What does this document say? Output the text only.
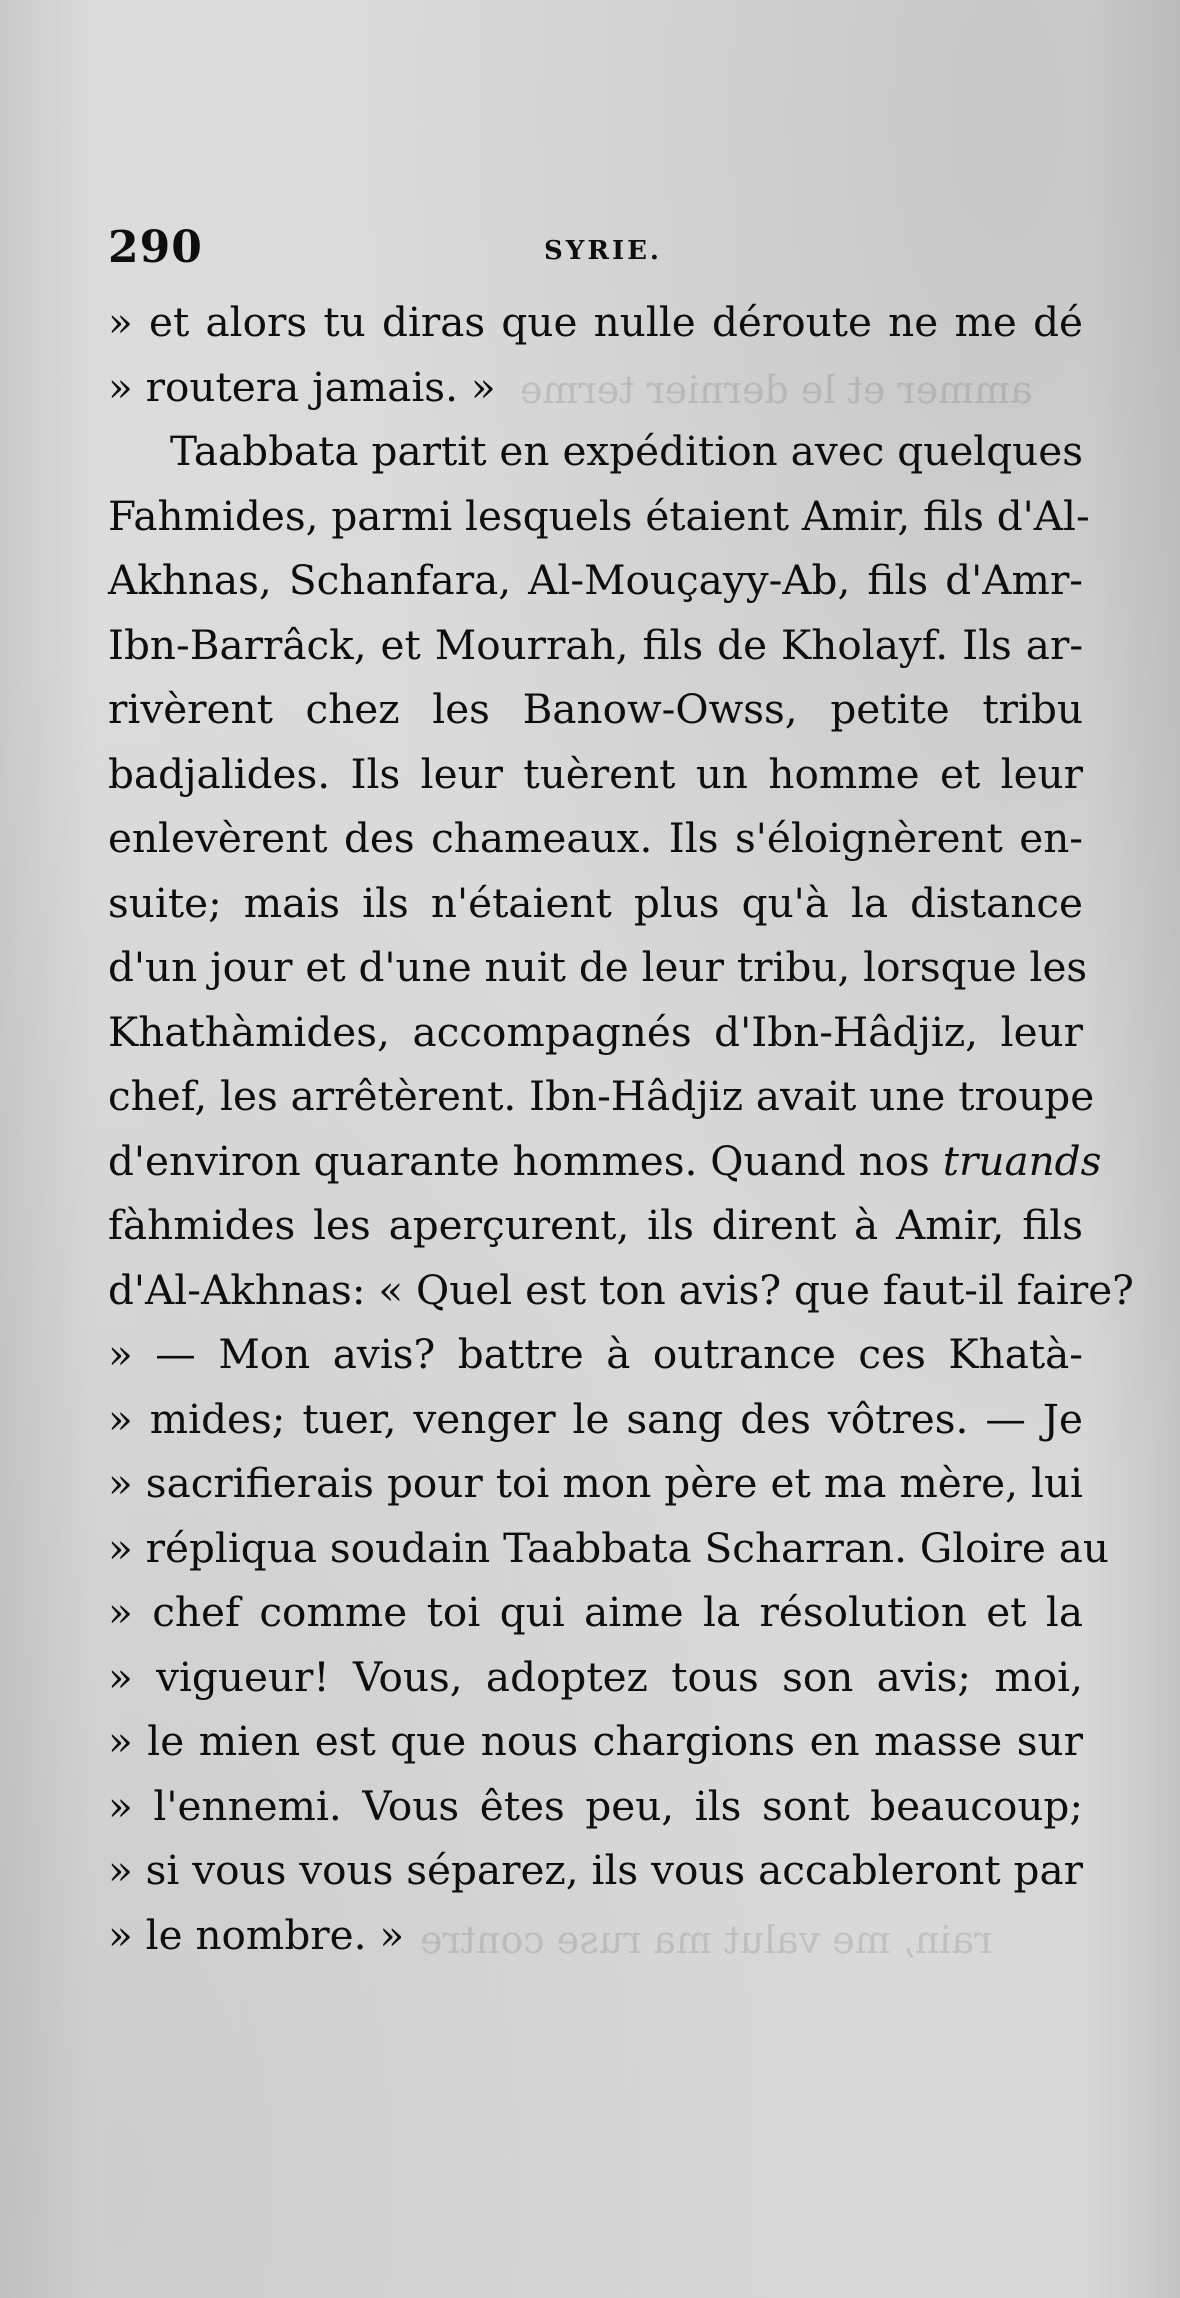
ammer et le dernier terme
rain, me valut ma ruse contre
290	SYRIE.
» et alors tu diras que nulle déroute ne me dé
» routera jamais. »
Taabbata partit en expédition avec quelques
Fahmides, parmi lesquels étaient Amir, fils d'Al-
Akhnas, Schanfara, Al-Mouçayy-Ab, fils d'Amr-
Ibn-Barrâck, et Mourrah, fils de Kholayf. Ils ar-
rivèrent chez les Banow-Owss, petite tribu
badjalides. Ils leur tuèrent un homme et leur
enlevèrent des chameaux. Ils s'éloignèrent en-
suite; mais ils n'étaient plus qu'à la distance
d'un jour et d'une nuit de leur tribu, lorsque les
Khathàmides, accompagnés d'Ibn-Hâdjiz, leur
chef, les arrêtèrent. Ibn-Hâdjiz avait une troupe
d'environ quarante hommes. Quand nos truands
fàhmides les aperçurent, ils dirent à Amir, fils
d'Al-Akhnas: « Quel est ton avis? que faut-il faire?
» — Mon avis? battre à outrance ces Khatà-
» mides; tuer, venger le sang des vôtres. — Je
» sacrifierais pour toi mon père et ma mère, lui
» répliqua soudain Taabbata Scharran. Gloire au
» chef comme toi qui aime la résolution et la
» vigueur! Vous, adoptez tous son avis; moi,
» le mien est que nous chargions en masse sur
» l'ennemi. Vous êtes peu, ils sont beaucoup;
» si vous vous séparez, ils vous accableront par
» le nombre. »
